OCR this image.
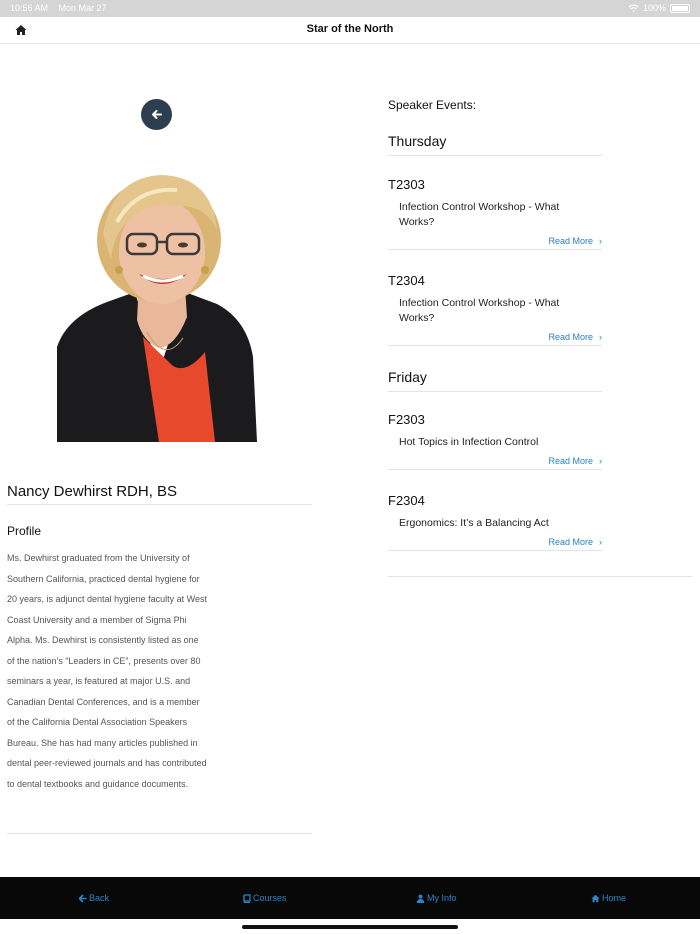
10:56 AM Mon Mar 27	100%
Star of the North
Nancy Dewhirst RDH, BS
Profile
Ms. Dewhirst graduated from the University of
Southern California, practiced dental hygiene for
20 years, is adjunct dental hygiene faculty at West
Coast University and a member of Sigma Phi
Alpha. Ms. Dewhirst is consistently listed as one
of the nation’s “Leaders in CE”, presents over 80
seminars a year, is featured at major U.S. and
Canadian Dental Conferences, and is a member
of the California Dental Association Speakers
Bureau. She has had many articles published in
dental peer-reviewed journals and has contributed
to dental textbooks and guidance documents.
Speaker Events:
Thursday
T2303
Infection Control Workshop - What Works?
Read More ›
T2304
Infection Control Workshop - What Works?
Read More ›
Friday
F2303
Hot Topics in Infection Control
Read More ›
F2304
Ergonomics: It’s a Balancing Act
Read More ›
Back	Courses	My Info	Home
